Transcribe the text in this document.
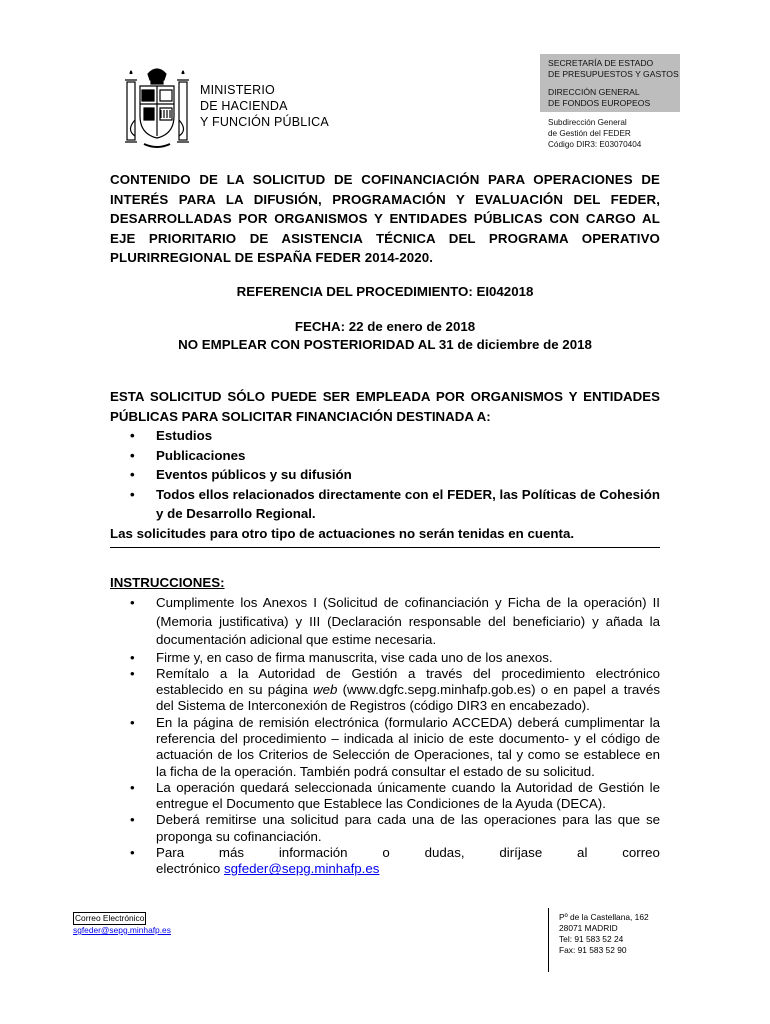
MINISTERIO
DE HACIENDA
Y FUNCIÓN PÚBLICA
SECRETARÍA DE ESTADO
DE PRESUPUESTOS Y GASTOS
DIRECCIÓN GENERAL
DE FONDOS EUROPEOS
Subdirección General
de Gestión del FEDER
Código DIR3: E03070404
CONTENIDO DE LA SOLICITUD DE COFINANCIACIÓN PARA OPERACIONES DE INTERÉS PARA LA DIFUSIÓN, PROGRAMACIÓN Y EVALUACIÓN DEL FEDER, DESARROLLADAS POR ORGANISMOS Y ENTIDADES PÚBLICAS CON CARGO AL EJE PRIORITARIO DE ASISTENCIA TÉCNICA DEL PROGRAMA OPERATIVO PLURIRREGIONAL DE ESPAÑA FEDER 2014-2020.
REFERENCIA DEL PROCEDIMIENTO: EI042018
FECHA: 22 de enero de 2018
NO EMPLEAR CON POSTERIORIDAD AL 31 de diciembre de 2018
ESTA SOLICITUD SÓLO PUEDE SER EMPLEADA POR ORGANISMOS Y ENTIDADES PÚBLICAS PARA SOLICITAR FINANCIACIÓN DESTINADA A:
• Estudios
• Publicaciones
• Eventos públicos y su difusión
• Todos ellos relacionados directamente con el FEDER, las Políticas de Cohesión y de Desarrollo Regional.
Las solicitudes para otro tipo de actuaciones no serán tenidas en cuenta.
INSTRUCCIONES:
• Cumplimente los Anexos I (Solicitud de cofinanciación y Ficha de la operación) II (Memoria justificativa) y III (Declaración responsable del beneficiario) y añada la documentación adicional que estime necesaria.
• Firme y, en caso de firma manuscrita, vise cada uno de los anexos.
• Remítalo a la Autoridad de Gestión a través del procedimiento electrónico establecido en su página web (www.dgfc.sepg.minhafp.gob.es) o en papel a través del Sistema de Interconexión de Registros (código DIR3 en encabezado).
• En la página de remisión electrónica (formulario ACCEDA) deberá cumplimentar la referencia del procedimiento – indicada al inicio de este documento- y el código de actuación de los Criterios de Selección de Operaciones, tal y como se establece en la ficha de la operación. También podrá consultar el estado de su solicitud.
• La operación quedará seleccionada únicamente cuando la Autoridad de Gestión le entregue el Documento que Establece las Condiciones de la Ayuda (DECA).
• Deberá remitirse una solicitud para cada una de las operaciones para las que se proponga su cofinanciación.
• Para	más	información	o	dudas,	diríjase	al	correo
electrónico sgfeder@sepg.minhafp.es
Correo Electrónico
sgfeder@sepg.minhafp.es
Pº de la Castellana, 162
28071 MADRID
Tel: 91 583 52 24
Fax: 91 583 52 90
